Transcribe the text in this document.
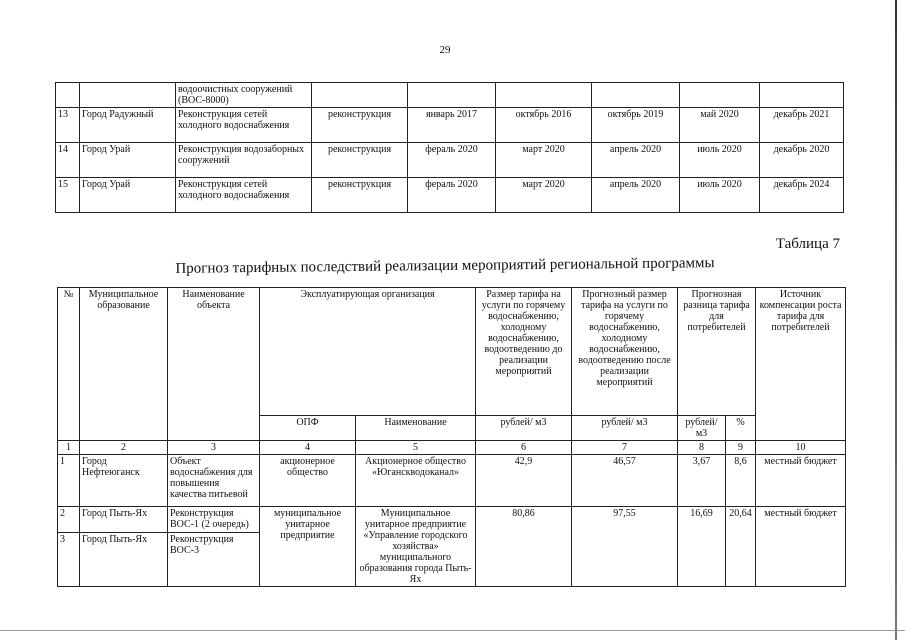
29
		водоочистных сооружений (ВОС-8000)						
13	Город Радужный	Реконструкция сетей холодного водоснабжения	реконструкция	январь 2017	октябрь 2016	октябрь 2019	май 2020	декабрь 2021
14	Город Урай	Реконструкция водозаборных сооружений	реконструкция	ферaль 2020	март 2020	апрель 2020	июль 2020	декабрь 2020
15	Город Урай	Реконструкция сетей холодного водоснабжения	реконструкция	ферaль 2020	март 2020	апрель 2020	июль 2020	декабрь 2024
Таблица 7
Прогноз тарифных последствий реализации мероприятий региональной программы
№	Муниципальное образование	Наименование объекта	Эксплуатирующая организация		Размер тарифа на услуги по горячему водоснабжению, холодному водоснабжению, водоотведению до реализации мероприятий	Прогнозный размер тарифа на услуги по горячему водоснабжению, холодному водоснабжению, водоотведению после реализации мероприятий	Прогнозная разница тарифа для потребителей		Источник компенсации роста тарифа для потребителей
			ОПФ	Наименование	рублей/ м3	рублей/ м3	рублей/ м3	%	
1	2	3	4	5	6	7	8	9	10
1	Город Нефтеюганск	Объект водоснабжения для повышения качества питьевой	акционерное общество	Акционерное общество «Юганскводоканал»	42,9	46,57	3,67	8,6	местный бюджет
2	Город Пыть-Ях	Реконструкция ВОС-1 (2 очередь)	муниципальное унитарное предприятие	Муниципальное унитарное предприятие «Управление городского хозяйства» муниципального образования города Пыть-Ях	80,86	97,55	16,69	20,64	местный бюджет
3	Город Пыть-Ях	Реконструкция ВОС-3							
